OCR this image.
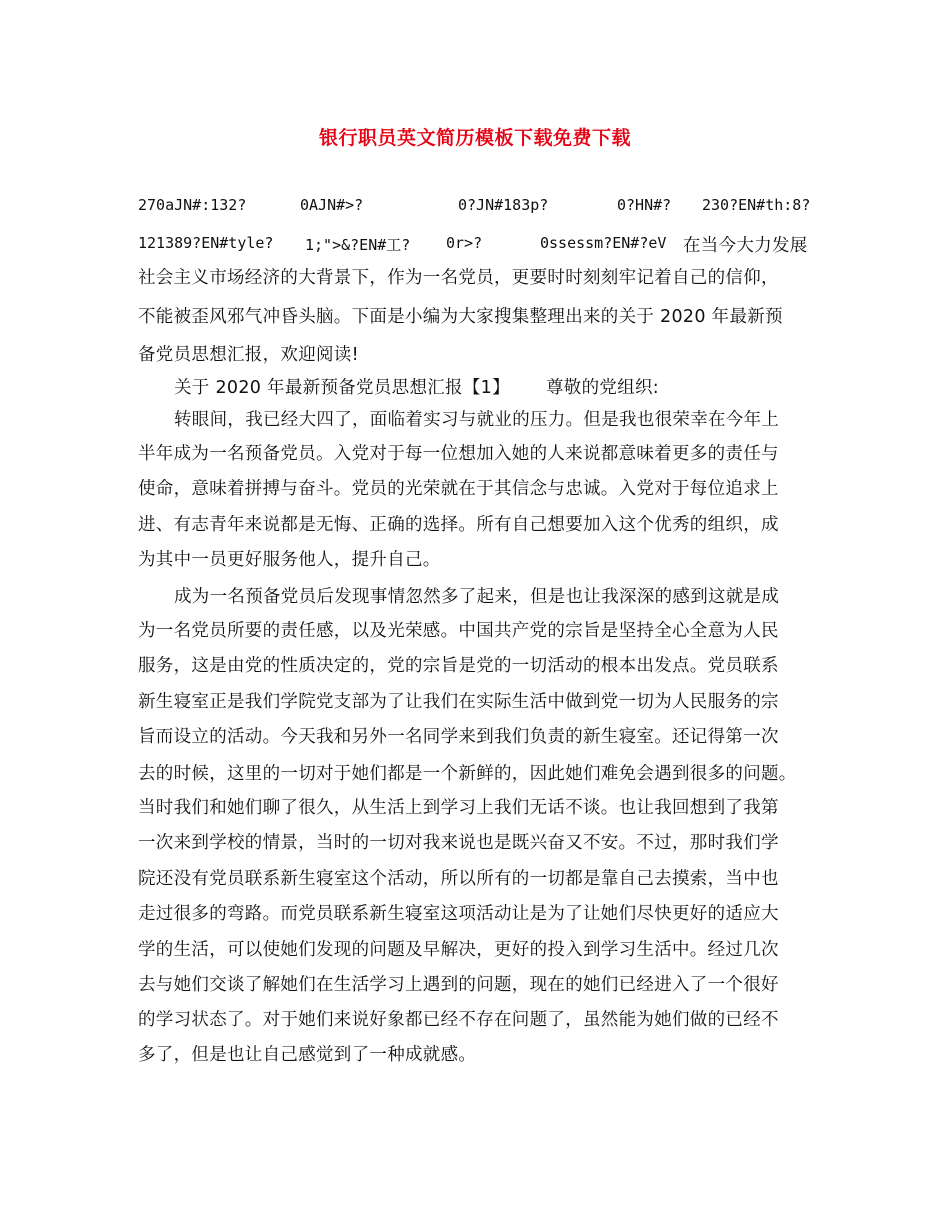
银行职员英文简历模板下载免费下载
270aJN#:132?	0AJN#>?	0?JN#183p?	0?HN#? 230?EN#th:8?
121389?EN#tyle? 1;">&?EN#工? 0r>?	0ssessm?EN#?eV 在当今大力发展
社会主义市场经济的大背景下，作为一名党员，更要时时刻刻牢记着自己的信仰，
不能被歪风邪气冲昏头脑。下面是小编为大家搜集整理出来的关于 2020 年最新预
备党员思想汇报，欢迎阅读!
关于 2020 年最新预备党员思想汇报【1】 尊敬的党组织:
转眼间，我已经大四了，面临着实习与就业的压力。但是我也很荣幸在今年上
半年成为一名预备党员。入党对于每一位想加入她的人来说都意味着更多的责任与
使命，意味着拼搏与奋斗。党员的光荣就在于其信念与忠诚。入党对于每位追求上
进、有志青年来说都是无悔、正确的选择。所有自己想要加入这个优秀的组织，成
为其中一员更好服务他人，提升自己。
成为一名预备党员后发现事情忽然多了起来，但是也让我深深的感到这就是成
为一名党员所要的责任感，以及光荣感。中国共产党的宗旨是坚持全心全意为人民
服务，这是由党的性质决定的，党的宗旨是党的一切活动的根本出发点。党员联系
新生寝室正是我们学院党支部为了让我们在实际生活中做到党一切为人民服务的宗
旨而设立的活动。今天我和另外一名同学来到我们负责的新生寝室。还记得第一次
去的时候，这里的一切对于她们都是一个新鲜的，因此她们难免会遇到很多的问题。
当时我们和她们聊了很久，从生活上到学习上我们无话不谈。也让我回想到了我第
一次来到学校的情景，当时的一切对我来说也是既兴奋又不安。不过，那时我们学
院还没有党员联系新生寝室这个活动，所以所有的一切都是靠自己去摸索，当中也
走过很多的弯路。而党员联系新生寝室这项活动让是为了让她们尽快更好的适应大
学的生活，可以使她们发现的问题及早解决，更好的投入到学习生活中。经过几次
去与她们交谈了解她们在生活学习上遇到的问题，现在的她们已经进入了一个很好
的学习状态了。对于她们来说好象都已经不存在问题了，虽然能为她们做的已经不
多了，但是也让自己感觉到了一种成就感。
